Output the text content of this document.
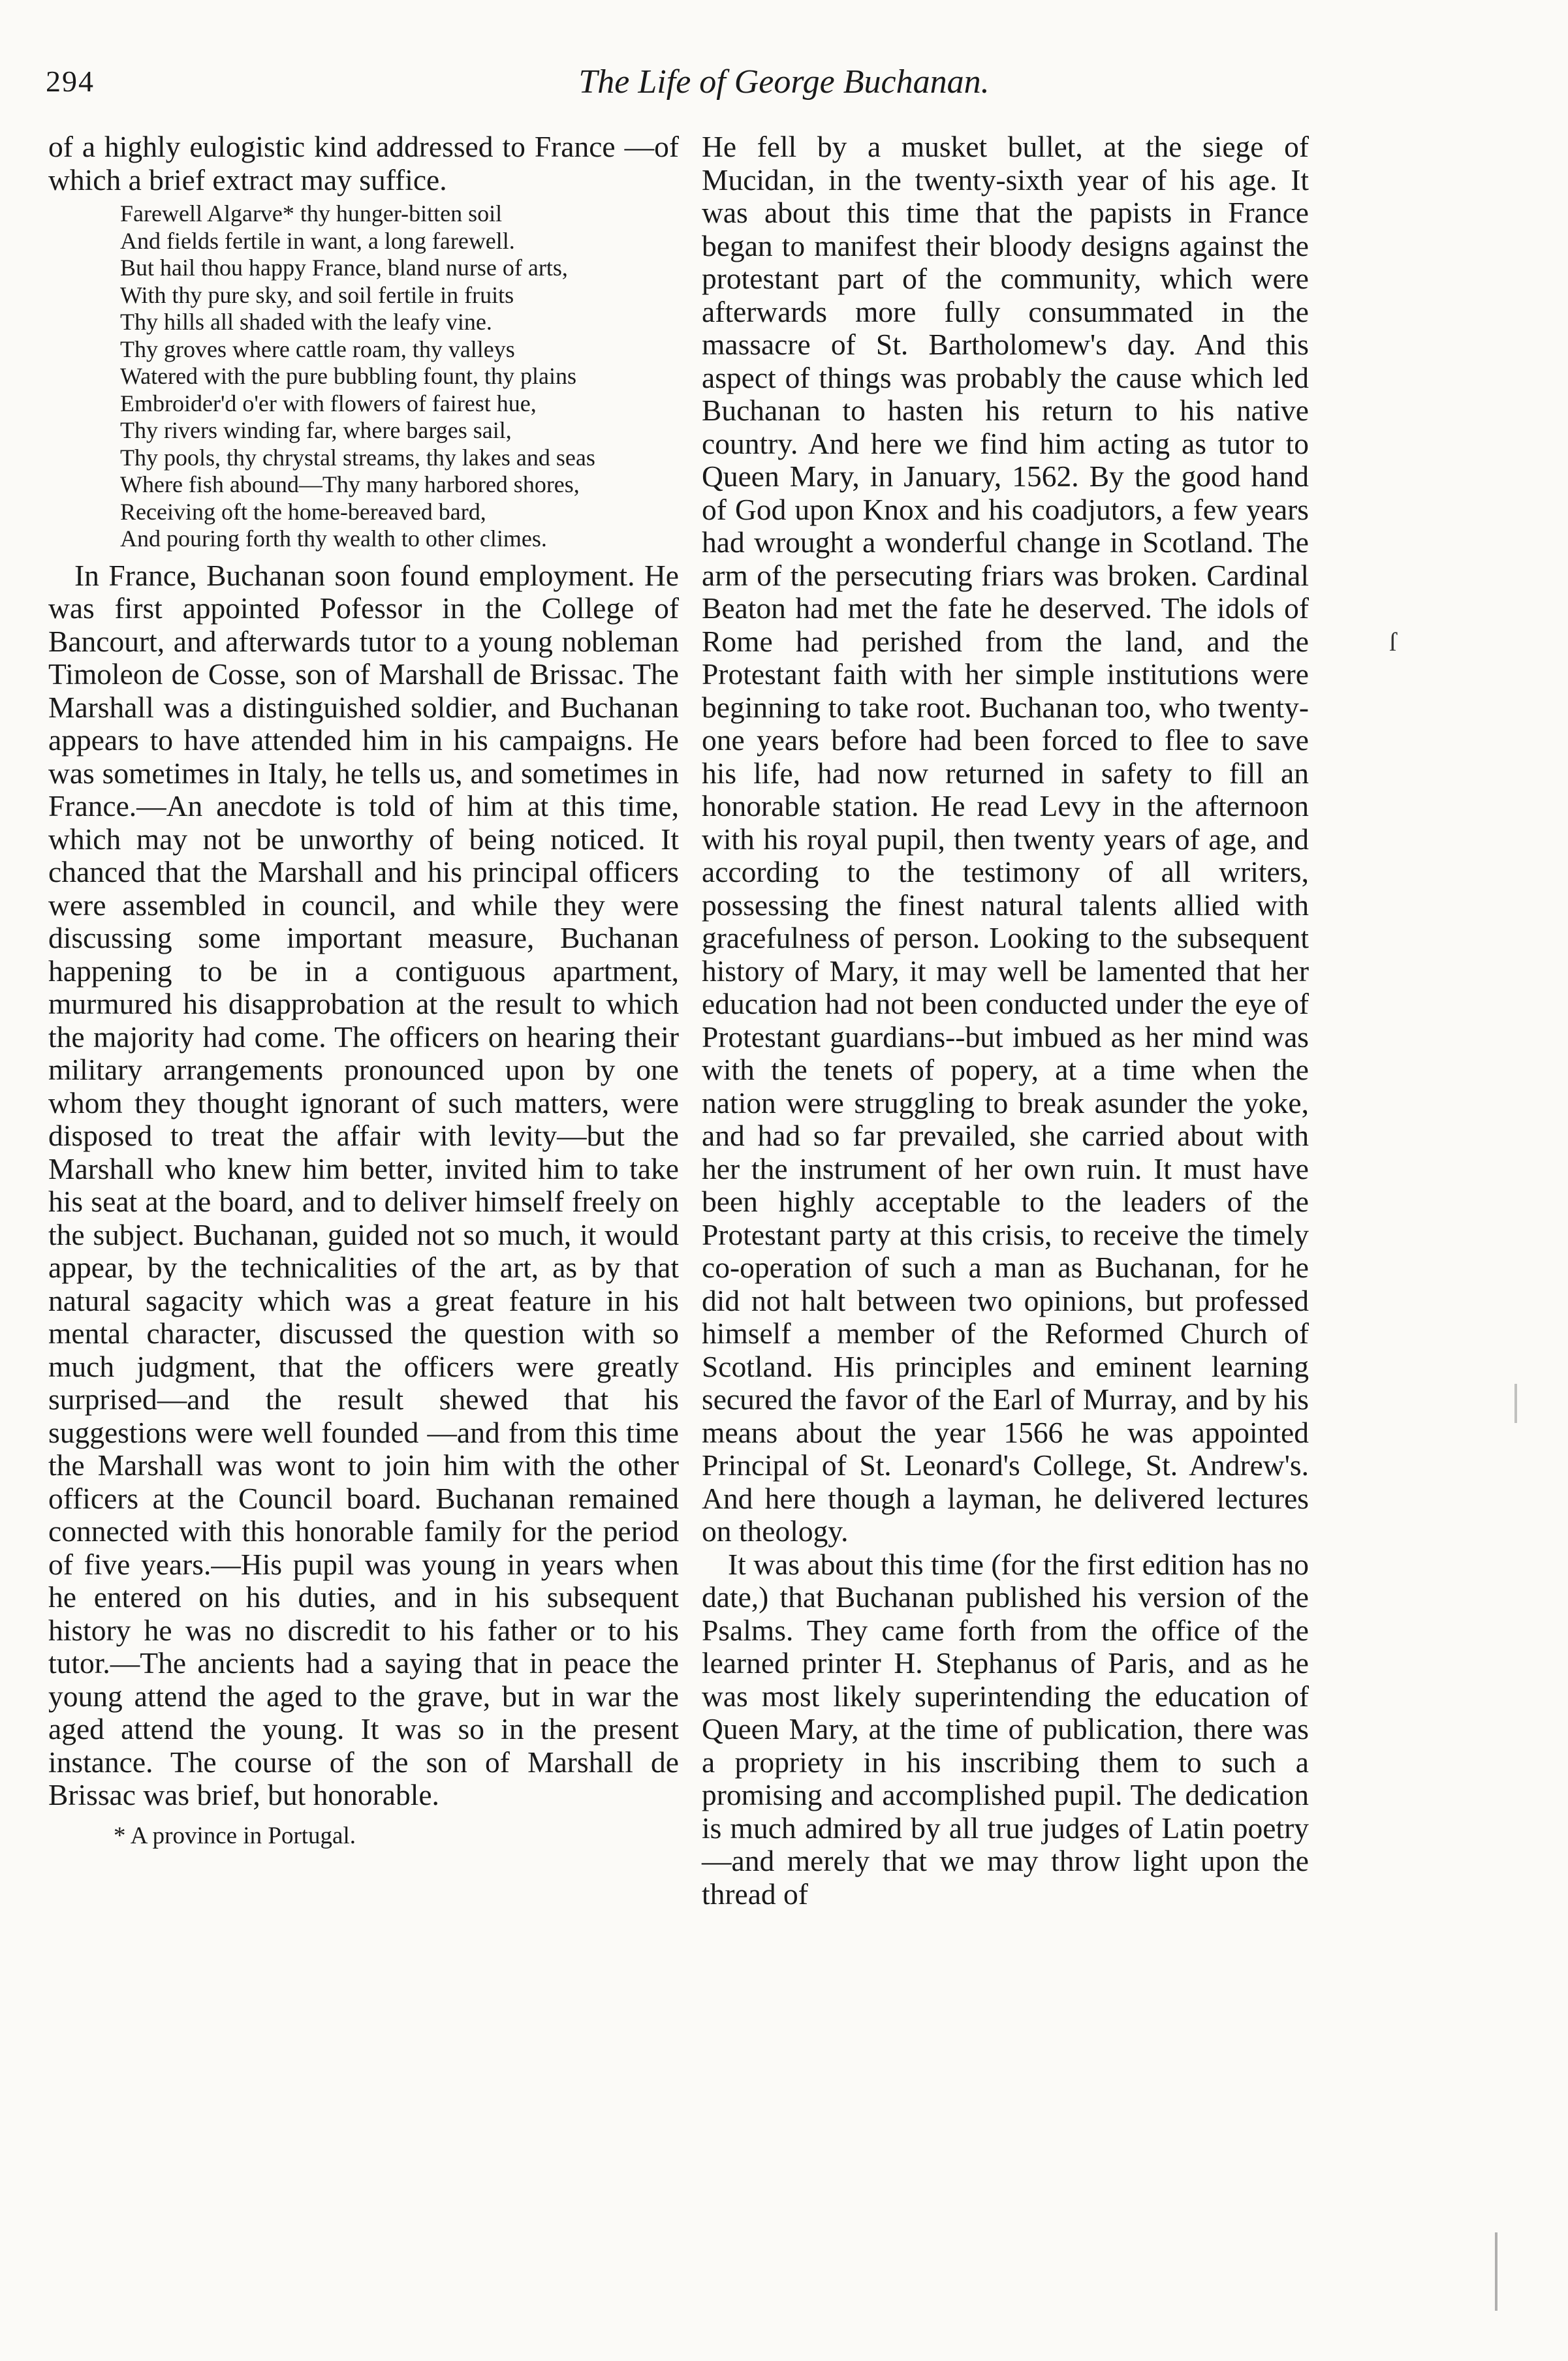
294	The Life of George Buchanan.

of a highly eulogistic kind addressed to France —of which a brief extract may suffice.

Farewell Algarve* thy hunger-bitten soil
And fields fertile in want, a long farewell.
But hail thou happy France, bland nurse of arts,
With thy pure sky, and soil fertile in fruits
Thy hills all shaded with the leafy vine.
Thy groves where cattle roam, thy valleys
Watered with the pure bubbling fount, thy plains
Embroider'd o'er with flowers of fairest hue,
Thy rivers winding far, where barges sail,
Thy pools, thy chrystal streams, thy lakes and seas
Where fish abound—Thy many harbored shores,
Receiving oft the home-bereaved bard,
And pouring forth thy wealth to other climes.

In France, Buchanan soon found employment. He was first appointed Pofessor in the College of Bancourt, and afterwards tutor to a young nobleman Timoleon de Cosse, son of Marshall de Brissac. The Marshall was a distinguished soldier, and Buchanan appears to have attended him in his campaigns. He was sometimes in Italy, he tells us, and sometimes in France.—An anecdote is told of him at this time, which may not be unworthy of being noticed. It chanced that the Marshall and his principal officers were assembled in council, and while they were discussing some important measure, Buchanan happening to be in a contiguous apartment, murmured his disapprobation at the result to which the majority had come. The officers on hearing their military arrangements pronounced upon by one whom they thought ignorant of such matters, were disposed to treat the affair with levity—but the Marshall who knew him better, invited him to take his seat at the board, and to deliver himself freely on the subject. Buchanan, guided not so much, it would appear, by the technicalities of the art, as by that natural sagacity which was a great feature in his mental character, discussed the question with so much judgment, that the officers were greatly surprised—and the result shewed that his suggestions were well founded —and from this time the Marshall was wont to join him with the other officers at the Council board. Buchanan remained connected with this honorable family for the period of five years.—His pupil was young in years when he entered on his duties, and in his subsequent history he was no discredit to his father or to his tutor.—The ancients had a saying that in peace the young attend the aged to the grave, but in war the aged attend the young. It was so in the present instance. The course of the son of Marshall de Brissac was brief, but honorable.

* A province in Portugal.

He fell by a musket bullet, at the siege of Mucidan, in the twenty-sixth year of his age. It was about this time that the papists in France began to manifest their bloody designs against the protestant part of the community, which were afterwards more fully consummated in the massacre of St. Bartholomew's day. And this aspect of things was probably the cause which led Buchanan to hasten his return to his native country. And here we find him acting as tutor to Queen Mary, in January, 1562. By the good hand of God upon Knox and his coadjutors, a few years had wrought a wonderful change in Scotland. The arm of the persecuting friars was broken. Cardinal Beaton had met the fate he deserved. The idols of Rome had perished from the land, and the Protestant faith with her simple institutions were beginning to take root. Buchanan too, who twenty-one years before had been forced to flee to save his life, had now returned in safety to fill an honorable station. He read Levy in the afternoon with his royal pupil, then twenty years of age, and according to the testimony of all writers, possessing the finest natural talents allied with gracefulness of person. Looking to the subsequent history of Mary, it may well be lamented that her education had not been conducted under the eye of Protestant guardians--but imbued as her mind was with the tenets of popery, at a time when the nation were struggling to break asunder the yoke, and had so far prevailed, she carried about with her the instrument of her own ruin. It must have been highly acceptable to the leaders of the Protestant party at this crisis, to receive the timely co-operation of such a man as Buchanan, for he did not halt between two opinions, but professed himself a member of the Reformed Church of Scotland. His principles and eminent learning secured the favor of the Earl of Murray, and by his means about the year 1566 he was appointed Principal of St. Leonard's College, St. Andrew's. And here though a layman, he delivered lectures on theology.

It was about this time (for the first edition has no date,) that Buchanan published his version of the Psalms. They came forth from the office of the learned printer H. Stephanus of Paris, and as he was most likely superintending the education of Queen Mary, at the time of publication, there was a propriety in his inscribing them to such a promising and accomplished pupil. The dedication is much admired by all true judges of Latin poetry—and merely that we may throw light upon the thread of

ſ
